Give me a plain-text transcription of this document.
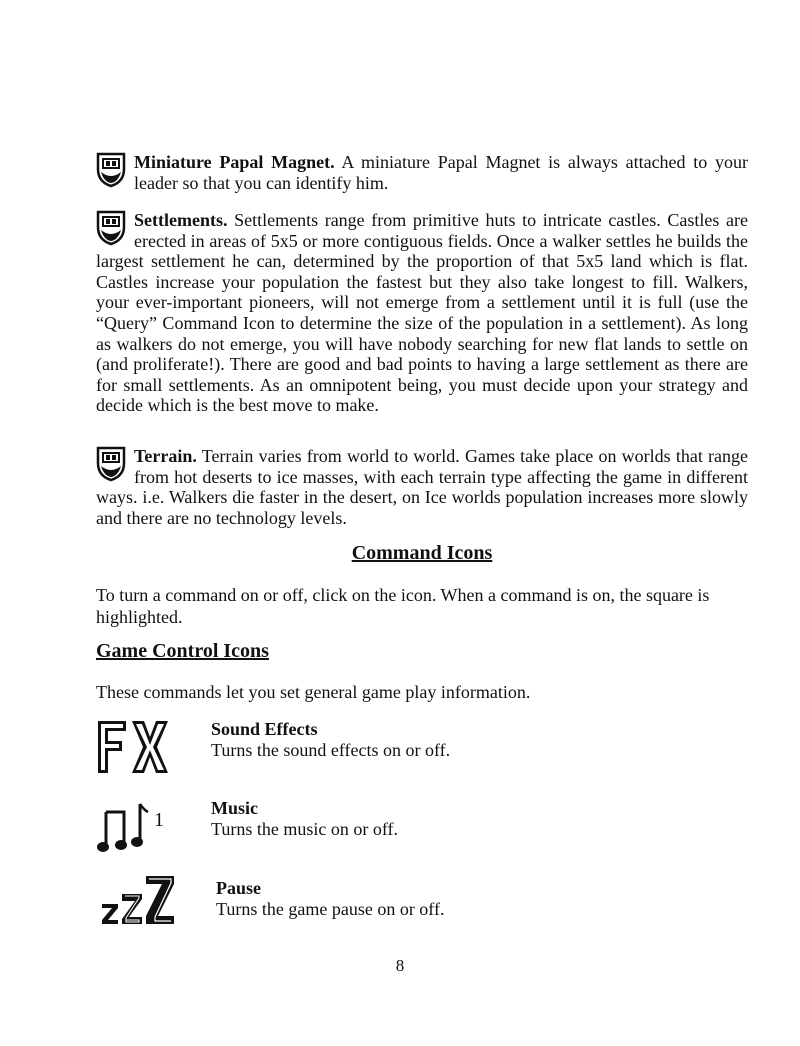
Miniature Papal Magnet. A miniature Papal Magnet is always attached to your leader so that you can identify him.

Settlements. Settlements range from primitive huts to intricate castles. Castles are erected in areas of 5x5 or more contiguous fields. Once a walker settles he builds the largest settlement he can, determined by the proportion of that 5x5 land which is flat. Castles increase your population the fastest but they also take longest to fill. Walkers, your ever-important pioneers, will not emerge from a settlement until it is full (use the “Query” Command Icon to determine the size of the population in a settlement). As long as walkers do not emerge, you will have nobody searching for new flat lands to settle on (and proliferate!). There are good and bad points to having a large settlement as there are for small settlements. As an omnipotent being, you must decide upon your strategy and decide which is the best move to make.

Terrain. Terrain varies from world to world. Games take place on worlds that range from hot deserts to ice masses, with each terrain type affecting the game in different ways. i.e. Walkers die faster in the desert, on Ice worlds population increases more slowly and there are no technology levels.

Command Icons

To turn a command on or off, click on the icon. When a command is on, the square is highlighted.

Game Control Icons

These commands let you set general game play information.

Sound Effects
Turns the sound effects on or off.
1
Music
Turns the music on or off.
Pause
Turns the game pause on or off.
8
